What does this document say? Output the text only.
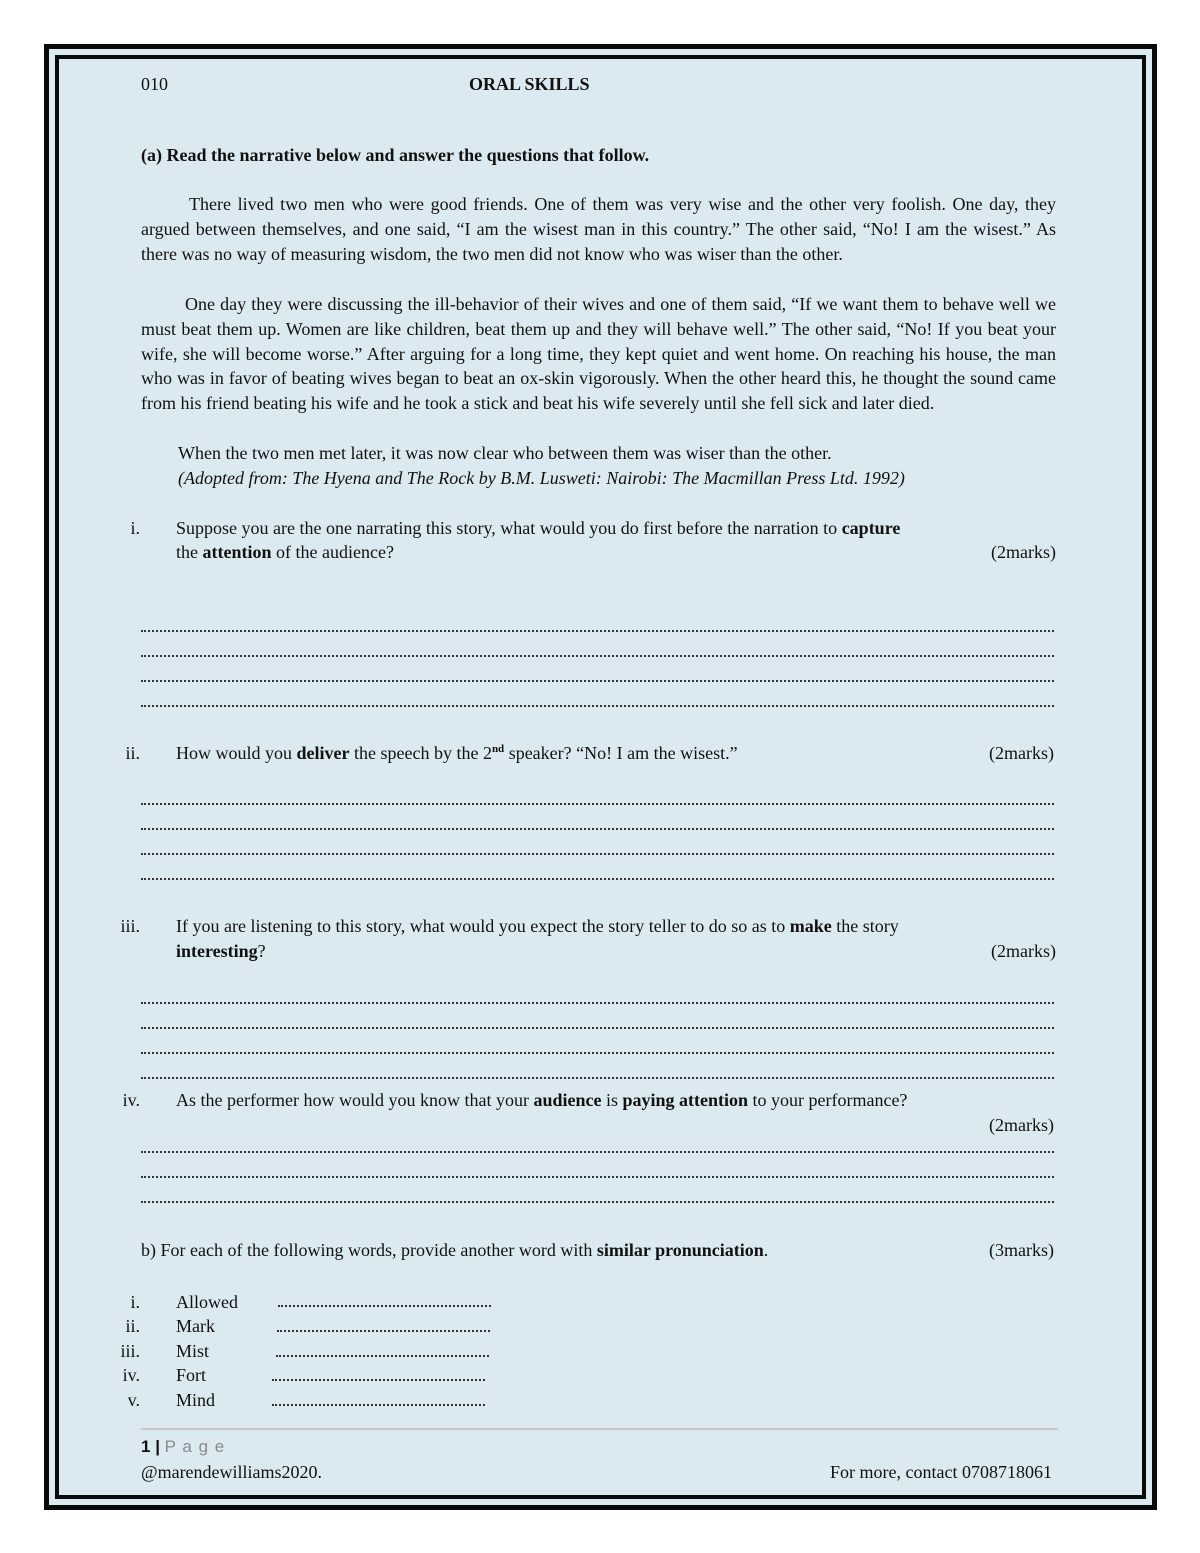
010	ORAL SKILLS
(a) Read the narrative below and answer the questions that follow.
There lived two men who were good friends. One of them was very wise and the other very foolish. One day, they argued between themselves, and one said, “I am the wisest man in this country.” The other said, “No! I am the wisest.” As there was no way of measuring wisdom, the two men did not know who was wiser than the other.
One day they were discussing the ill-behavior of their wives and one of them said, “If we want them to behave well we must beat them up. Women are like children, beat them up and they will behave well.” The other said, “No! If you beat your wife, she will become worse.” After arguing for a long time, they kept quiet and went home. On reaching his house, the man who was in favor of beating wives began to beat an ox-skin vigorously. When the other heard this, he thought the sound came from his friend beating his wife and he took a stick and beat his wife severely until she fell sick and later died.
When the two men met later, it was now clear who between them was wiser than the other.
(Adopted from: The Hyena and The Rock by B.M. Lusweti: Nairobi: The Macmillan Press Ltd. 1992)
i. Suppose you are the one narrating this story, what would you do first before the narration to capture
the attention of the audience?	(2marks)
ii. How would you deliver the speech by the 2nd speaker? “No! I am the wisest.”	(2marks)
iii. If you are listening to this story, what would you expect the story teller to do so as to make the story
interesting?	(2marks)
iv. As the performer how would you know that your audience is paying attention to your performance?
(2marks)
b) For each of the following words, provide another word with similar pronunciation.	(3marks)
i. Allowed
ii. Mark
iii. Mist
iv. Fort
v. Mind
1 | P a g e
@marendewilliams2020.	For more, contact 0708718061
